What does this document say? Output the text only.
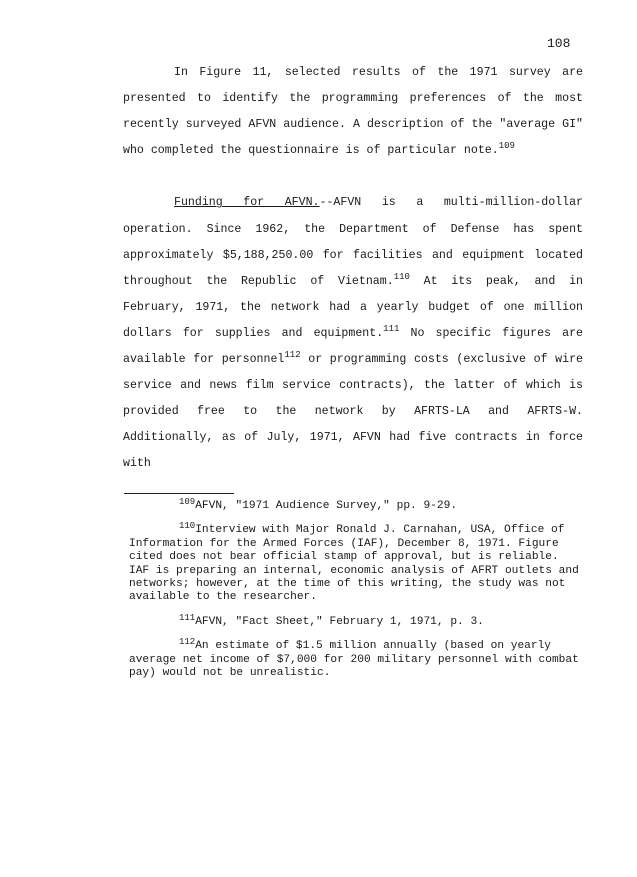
108

In Figure 11, selected results of the 1971 survey are presented to identify the programming preferences of the most recently surveyed AFVN audience. A description of the "average GI" who completed the questionnaire is of particular note.$^{109}$

Funding for AFVN.--AFVN is a multi-million-dollar operation. Since 1962, the Department of Defense has spent approximately $5,188,250.00 for facilities and equipment located throughout the Republic of Vietnam.$^{110}$ At its peak, and in February, 1971, the network had a yearly budget of one million dollars for supplies and equipment.$^{111}$ No specific figures are available for personnel$^{112}$ or programming costs (exclusive of wire service and news film service contracts), the latter of which is provided free to the network by AFRTS-LA and AFRTS-W. Additionally, as of July, 1971, AFVN had five contracts in force with

$^{109}$AFVN, "1971 Audience Survey," pp. 9-29.

$^{110}$Interview with Major Ronald J. Carnahan, USA, Office of Information for the Armed Forces (IAF), December 8, 1971. Figure cited does not bear official stamp of approval, but is reliable. IAF is preparing an internal, economic analysis of AFRT outlets and networks; however, at the time of this writing, the study was not available to the researcher.

$^{111}$AFVN, "Fact Sheet," February 1, 1971, p. 3.

$^{112}$An estimate of $1.5 million annually (based on yearly average net income of $7,000 for 200 military personnel with combat pay) would not be unrealistic.
